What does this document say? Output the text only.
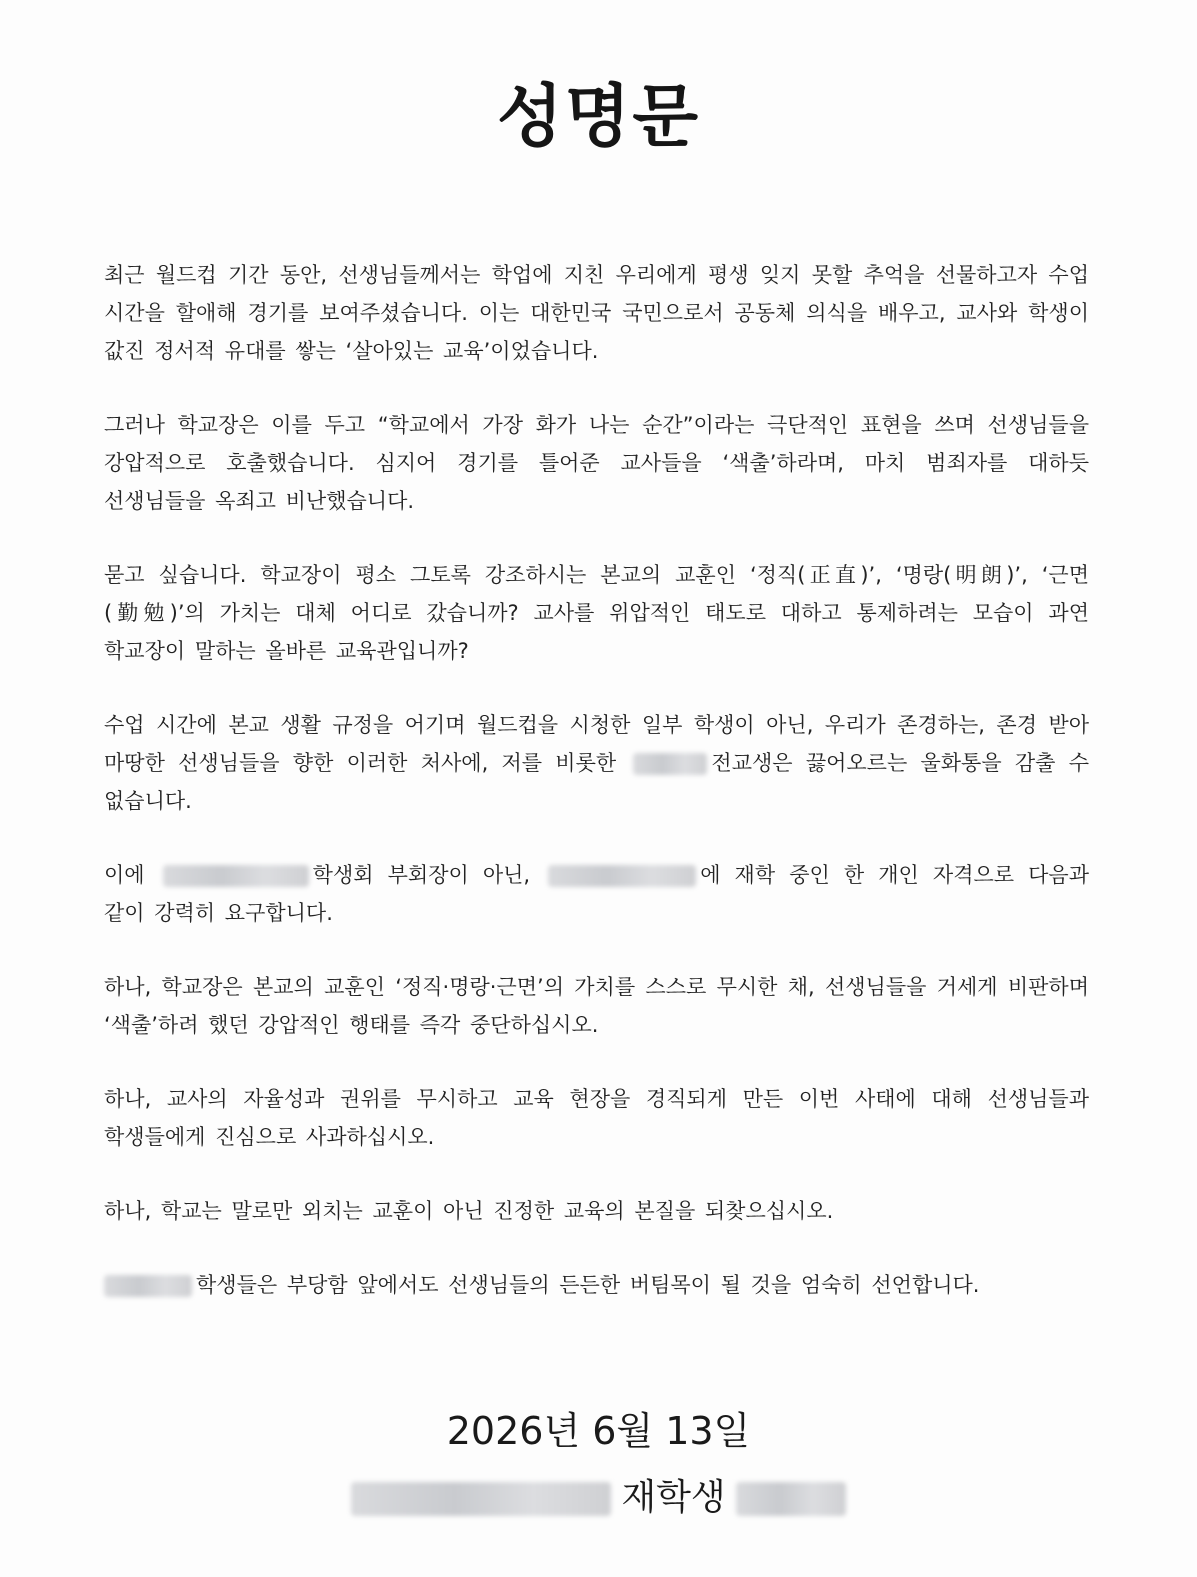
성명문

최근 월드컵 기간 동안, 선생님들께서는 학업에 지친 우리에게 평생 잊지 못할 추억을 선물하고자 수업 시간을 할애해 경기를 보여주셨습니다. 이는 대한민국 국민으로서 공동체 의식을 배우고, 교사와 학생이 값진 정서적 유대를 쌓는 ‘살아있는 교육’이었습니다.

그러나 학교장은 이를 두고 “학교에서 가장 화가 나는 순간”이라는 극단적인 표현을 쓰며 선생님들을 강압적으로 호출했습니다. 심지어 경기를 틀어준 교사들을 ‘색출’하라며, 마치 범죄자를 대하듯 선생님들을 옥죄고 비난했습니다.

묻고 싶습니다. 학교장이 평소 그토록 강조하시는 본교의 교훈인 ‘정직(正直)’, ‘명랑(明朗)’, ‘근면(勤勉)’의 가치는 대체 어디로 갔습니까? 교사를 위압적인 태도로 대하고 통제하려는 모습이 과연 학교장이 말하는 올바른 교육관입니까?

수업 시간에 본교 생활 규정을 어기며 월드컵을 시청한 일부 학생이 아닌, 우리가 존경하는, 존경 받아 마땅한 선생님들을 향한 이러한 처사에, 저를 비롯한	전교생은 끓어오르는 울화통을 감출 수 없습니다.

이에	학생회 부회장이 아닌,	에 재학 중인 한 개인 자격으로 다음과 같이 강력히 요구합니다.

하나, 학교장은 본교의 교훈인 ‘정직·명랑·근면’의 가치를 스스로 무시한 채, 선생님들을 거세게 비판하며 ‘색출’하려 했던 강압적인 행태를 즉각 중단하십시오.

하나, 교사의 자율성과 권위를 무시하고 교육 현장을 경직되게 만든 이번 사태에 대해 선생님들과 학생들에게 진심으로 사과하십시오.

하나, 학교는 말로만 외치는 교훈이 아닌 진정한 교육의 본질을 되찾으십시오.

학생들은 부당함 앞에서도 선생님들의 든든한 버팀목이 될 것을 엄숙히 선언합니다.

2026년 6월 13일
재학생
